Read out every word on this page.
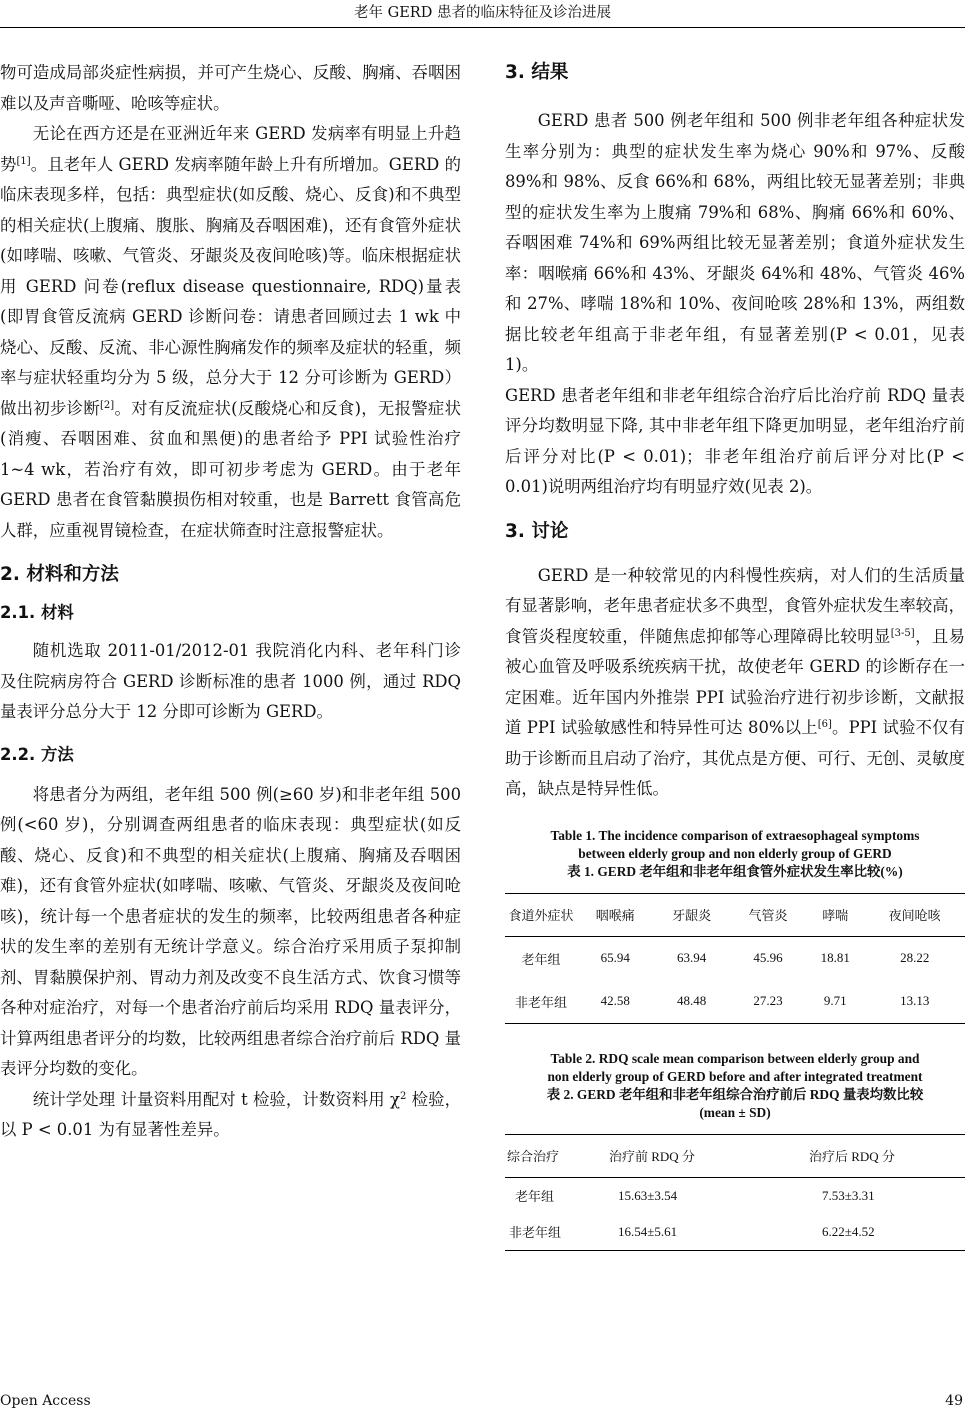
老年 GERD 患者的临床特征及诊治进展

物可造成局部炎症性病损，并可产生烧心、反酸、胸痛、吞咽困难以及声音嘶哑、呛咳等症状。

无论在西方还是在亚洲近年来 GERD 发病率有明显上升趋势[1]。且老年人 GERD 发病率随年龄上升有所增加。GERD 的临床表现多样，包括：典型症状(如反酸、烧心、反食)和不典型的相关症状(上腹痛、腹胀、胸痛及吞咽困难)，还有食管外症状(如哮喘、咳嗽、气管炎、牙龈炎及夜间呛咳)等。临床根据症状用 GERD 问卷(reflux disease questionnaire, RDQ)量表(即胃食管反流病 GERD 诊断问卷：请患者回顾过去 1 wk 中烧心、反酸、反流、非心源性胸痛发作的频率及症状的轻重，频率与症状轻重均分为 5 级，总分大于 12 分可诊断为 GERD）做出初步诊断[2]。对有反流症状(反酸烧心和反食)，无报警症状(消瘦、吞咽困难、贫血和黑便)的患者给予 PPI 试验性治疗 1~4 wk，若治疗有效，即可初步考虑为 GERD。由于老年 GERD 患者在食管黏膜损伤相对较重，也是 Barrett 食管高危人群，应重视胃镜检查，在症状筛查时注意报警症状。

2. 材料和方法
2.1. 材料

随机选取 2011-01/2012-01 我院消化内科、老年科门诊及住院病房符合 GERD 诊断标准的患者 1000 例，通过 RDQ 量表评分总分大于 12 分即可诊断为 GERD。

2.2. 方法

将患者分为两组，老年组 500 例(≥60 岁)和非老年组 500 例(<60 岁)，分别调查两组患者的临床表现：典型症状(如反酸、烧心、反食)和不典型的相关症状(上腹痛、胸痛及吞咽困难)，还有食管外症状(如哮喘、咳嗽、气管炎、牙龈炎及夜间呛咳)，统计每一个患者症状的发生的频率，比较两组患者各种症状的发生率的差别有无统计学意义。综合治疗采用质子泵抑制剂、胃黏膜保护剂、胃动力剂及改变不良生活方式、饮食习惯等各种对症治疗，对每一个患者治疗前后均采用 RDQ 量表评分，计算两组患者评分的均数，比较两组患者综合治疗前后 RDQ 量表评分均数的变化。

统计学处理 计量资料用配对 t 检验，计数资料用 $\chi^2$ 检验，以 P < 0.01 为有显著性差异。

3. 结果

GERD 患者 500 例老年组和 500 例非老年组各种症状发生率分别为：典型的症状发生率为烧心 90%和 97%、反酸 89%和 98%、反食 66%和 68%，两组比较无显著差别；非典型的症状发生率为上腹痛 79%和 68%、胸痛 66%和 60%、吞咽困难 74%和 69%两组比较无显著差别；食道外症状发生率：咽喉痛 66%和 43%、牙龈炎 64%和 48%、气管炎 46%和 27%、哮喘 18%和 10%、夜间呛咳 28%和 13%，两组数据比较老年组高于非老年组，有显著差别(P < 0.01，见表 1)。

GERD 患者老年组和非老年组综合治疗后比治疗前 RDQ 量表评分均数明显下降, 其中非老年组下降更加明显，老年组治疗前后评分对比(P < 0.01)；非老年组治疗前后评分对比(P < 0.01)说明两组治疗均有明显疗效(见表 2)。

3. 讨论

GERD 是一种较常见的内科慢性疾病，对人们的生活质量有显著影响，老年患者症状多不典型，食管外症状发生率较高，食管炎程度较重，伴随焦虑抑郁等心理障碍比较明显[3-5]，且易被心血管及呼吸系统疾病干扰，故使老年 GERD 的诊断存在一定困难。近年国内外推崇 PPI 试验治疗进行初步诊断，文献报道 PPI 试验敏感性和特异性可达 80%以上[6]。PPI 试验不仅有助于诊断而且启动了治疗，其优点是方便、可行、无创、灵敏度高，缺点是特异性低。

Table 1. The incidence comparison of extraesophageal symptoms
between elderly group and non elderly group of GERD
表 1. GERD 老年组和非老年组食管外症状发生率比较(%)
食道外症状	咽喉痛	牙龈炎	气管炎	哮喘	夜间呛咳
老年组	65.94	63.94	45.96	18.81	28.22
非老年组	42.58	48.48	27.23	9.71	13.13
Table 2. RDQ scale mean comparison between elderly group and
non elderly group of GERD before and after integrated treatment
表 2. GERD 老年组和非老年组综合治疗前后 RDQ 量表均数比较
(mean ± SD)
综合治疗	治疗前 RDQ 分	治疗后 RDQ 分
老年组	15.63±3.54	7.53±3.31
非老年组	16.54±5.61	6.22±4.52
Open Access	49
